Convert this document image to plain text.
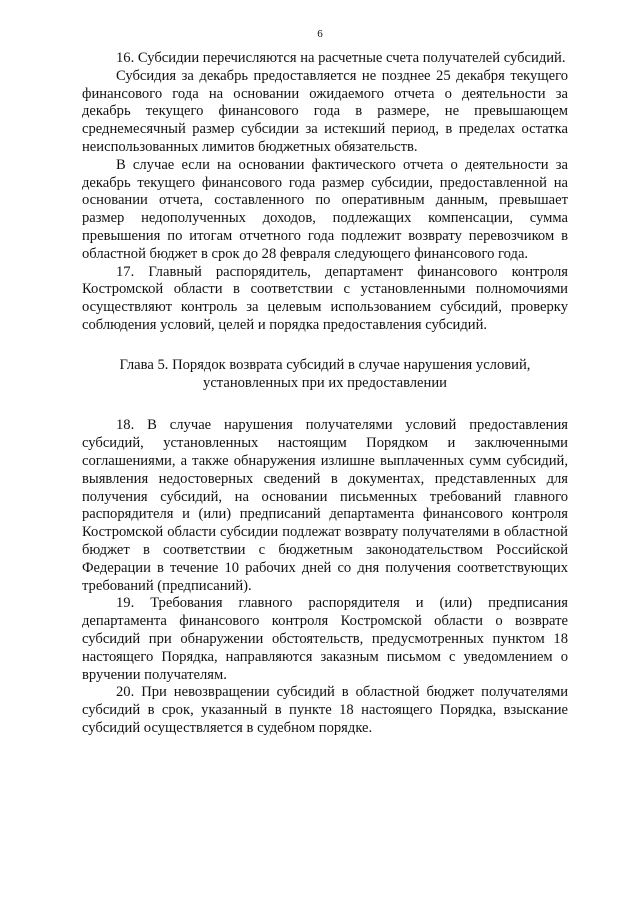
6

16. Субсидии перечисляются на расчетные счета получателей субсидий.

Субсидия за декабрь предоставляется не позднее 25 декабря текущего финансового года на основании ожидаемого отчета о деятельности за декабрь текущего финансового года в размере, не превышающем среднемесячный размер субсидии за истекший период, в пределах остатка неиспользованных лимитов бюджетных обязательств.

В случае если на основании фактического отчета о деятельности за декабрь текущего финансового года размер субсидии, предоставленной на основании отчета, составленного по оперативным данным, превышает размер недополученных доходов, подлежащих компенсации, сумма превышения по итогам отчетного года подлежит возврату перевозчиком в областной бюджет в срок до 28 февраля следующего финансового года.

17. Главный распорядитель, департамент финансового контроля Костромской области в соответствии с установленными полномочиями осуществляют контроль за целевым использованием субсидий, проверку соблюдения условий, целей и порядка предоставления субсидий.

Глава 5. Порядок возврата субсидий в случае нарушения условий,
установленных при их предоставлении

18. В случае нарушения получателями условий предоставления субсидий, установленных настоящим Порядком и заключенными соглашениями, а также обнаружения излишне выплаченных сумм субсидий, выявления недостоверных сведений в документах, представленных для получения субсидий, на основании письменных требований главного распорядителя и (или) предписаний департамента финансового контроля Костромской области субсидии подлежат возврату получателями в областной бюджет в соответствии с бюджетным законодательством Российской Федерации в течение 10 рабочих дней со дня получения соответствующих требований (предписаний).

19. Требования главного распорядителя и (или) предписания департамента финансового контроля Костромской области о возврате субсидий при обнаружении обстоятельств, предусмотренных пунктом 18 настоящего Порядка, направляются заказным письмом с уведомлением о вручении получателям.

20. При невозвращении субсидий в областной бюджет получателями субсидий в срок, указанный в пункте 18 настоящего Порядка, взыскание субсидий осуществляется в судебном порядке.
